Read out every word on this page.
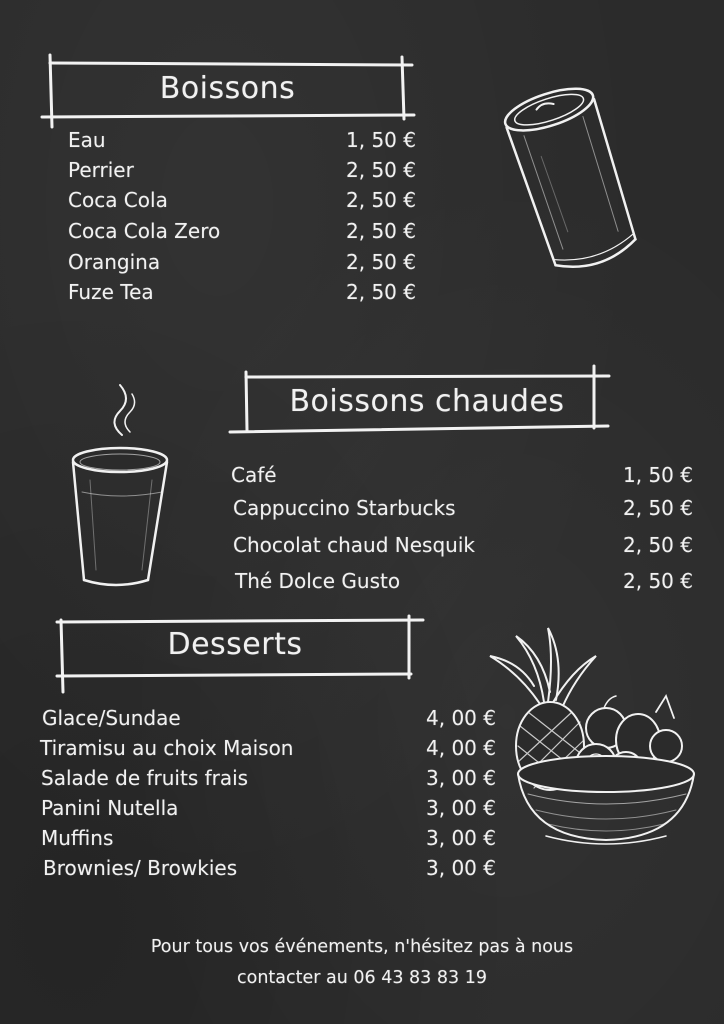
Boissons
Eau	1, 50 €
Perrier	2, 50 €
Coca Cola	2, 50 €
Coca Cola Zero	2, 50 €
Orangina	2, 50 €
Fuze Tea	2, 50 €
Boissons chaudes
Café	1, 50 €
Cappuccino Starbucks	2, 50 €
Chocolat chaud Nesquik	2, 50 €
Thé Dolce Gusto	2, 50 €
Desserts
Glace/Sundae	4, 00 €
Tiramisu au choix Maison	4, 00 €
Salade de fruits frais	3, 00 €
Panini Nutella	3, 00 €
Muffins	3, 00 €
Brownies/ Browkies	3, 00 €
Pour tous vos événements, n'hésitez pas à nous
contacter au 06 43 83 83 19
